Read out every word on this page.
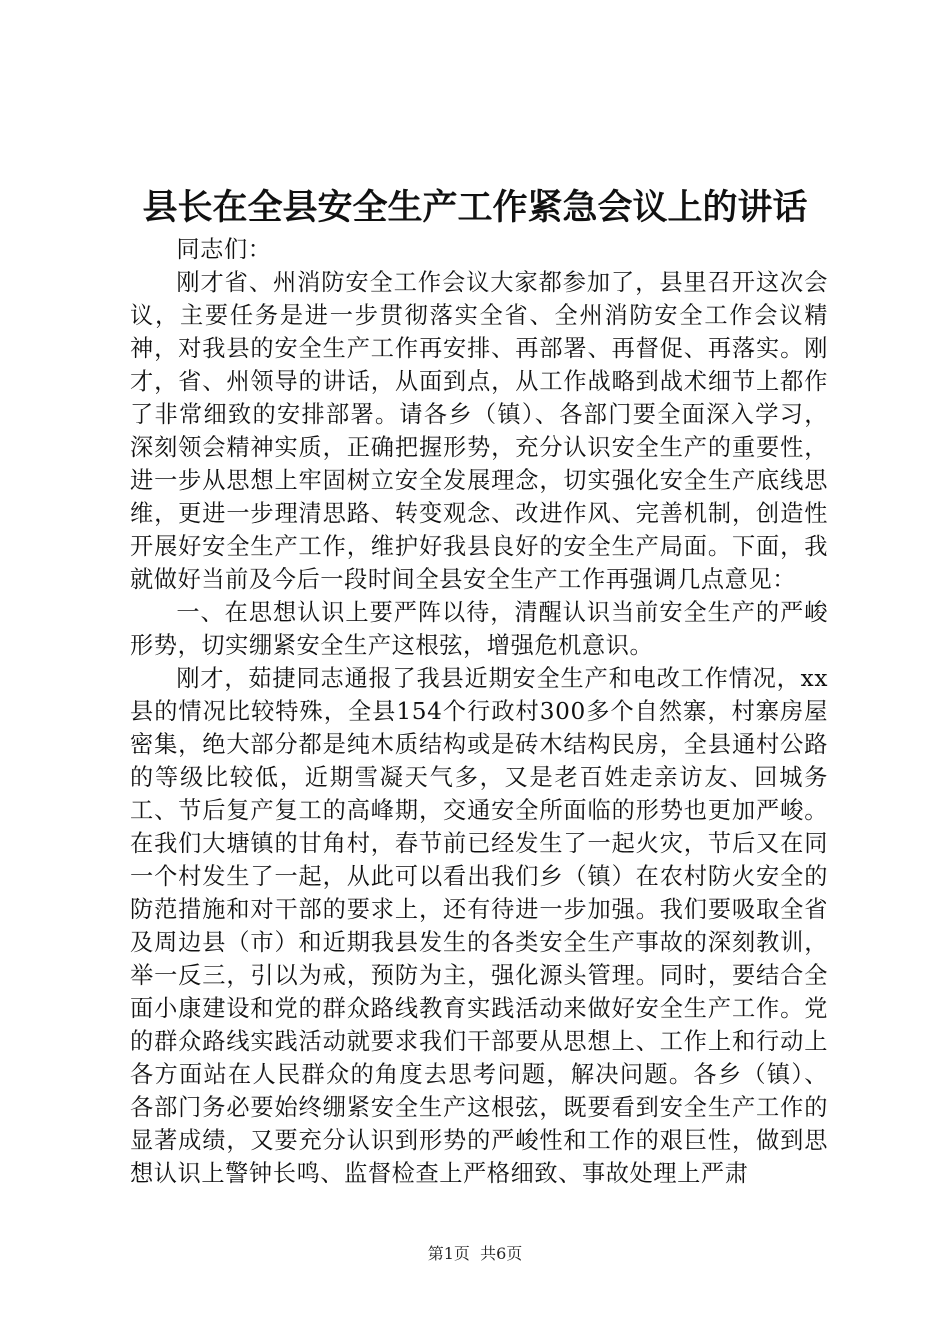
县长在全县安全生产工作紧急会议上的讲话

同志们：

刚才省、州消防安全工作会议大家都参加了，县里召开这次会议，主要任务是进一步贯彻落实全省、全州消防安全工作会议精神，对我县的安全生产工作再安排、再部署、再督促、再落实。刚才，省、州领导的讲话，从面到点，从工作战略到战术细节上都作了非常细致的安排部署。请各乡（镇）、各部门要全面深入学习，深刻领会精神实质，正确把握形势，充分认识安全生产的重要性，进一步从思想上牢固树立安全发展理念，切实强化安全生产底线思维，更进一步理清思路、转变观念、改进作风、完善机制，创造性开展好安全生产工作，维护好我县良好的安全生产局面。下面，我就做好当前及今后一段时间全县安全生产工作再强调几点意见：

一、在思想认识上要严阵以待，清醒认识当前安全生产的严峻形势，切实绷紧安全生产这根弦，增强危机意识。

刚才，茹捷同志通报了我县近期安全生产和电改工作情况，xx县的情况比较特殊，全县154个行政村300多个自然寨，村寨房屋密集，绝大部分都是纯木质结构或是砖木结构民房，全县通村公路的等级比较低，近期雪凝天气多，又是老百姓走亲访友、回城务工、节后复产复工的高峰期，交通安全所面临的形势也更加严峻。在我们大塘镇的甘角村，春节前已经发生了一起火灾，节后又在同一个村发生了一起，从此可以看出我们乡（镇）在农村防火安全的防范措施和对干部的要求上，还有待进一步加强。我们要吸取全省及周边县（市）和近期我县发生的各类安全生产事故的深刻教训，举一反三，引以为戒，预防为主，强化源头管理。同时，要结合全面小康建设和党的群众路线教育实践活动来做好安全生产工作。党的群众路线实践活动就要求我们干部要从思想上、工作上和行动上各方面站在人民群众的角度去思考问题，解决问题。各乡（镇）、各部门务必要始终绷紧安全生产这根弦，既要看到安全生产工作的显著成绩，又要充分认识到形势的严峻性和工作的艰巨性，做到思想认识上警钟长鸣、监督检查上严格细致、事故处理上严肃

第1页 共6页
